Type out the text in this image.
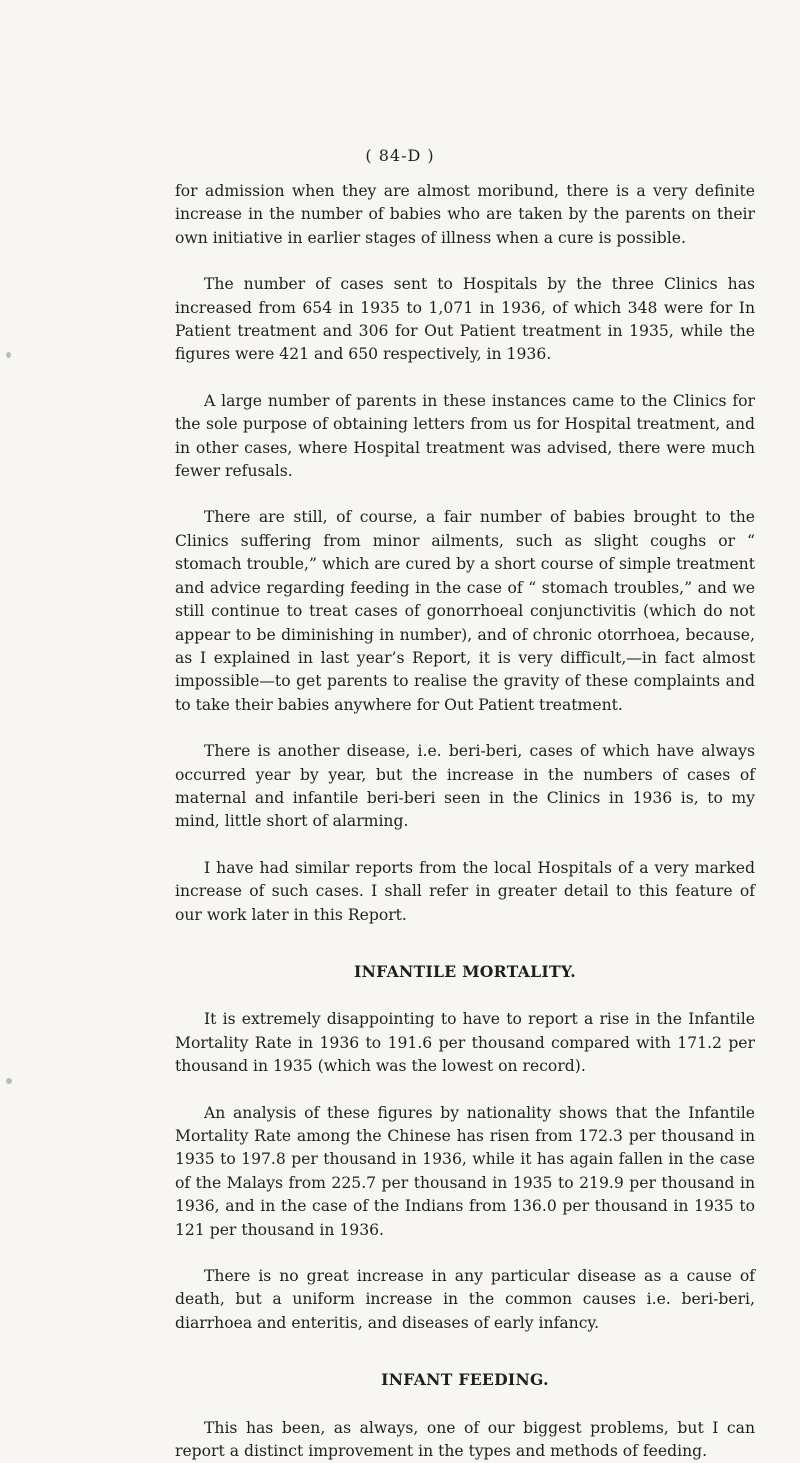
( 84-D )

for admission when they are almost moribund, there is a very definite increase in the number of babies who are taken by the parents on their own initiative in earlier stages of illness when a cure is possible.

The number of cases sent to Hospitals by the three Clinics has increased from 654 in 1935 to 1,071 in 1936, of which 348 were for In Patient treatment and 306 for Out Patient treatment in 1935, while the figures were 421 and 650 respectively, in 1936.

A large number of parents in these instances came to the Clinics for the sole purpose of obtaining letters from us for Hospital treatment, and in other cases, where Hospital treatment was advised, there were much fewer refusals.

There are still, of course, a fair number of babies brought to the Clinics suffering from minor ailments, such as slight coughs or “ stomach trouble,” which are cured by a short course of simple treatment and advice regarding feeding in the case of “ stomach troubles,” and we still continue to treat cases of gonorrhoeal conjunctivitis (which do not appear to be diminishing in number), and of chronic otorrhoea, because, as I explained in last year’s Report, it is very difficult,—in fact almost impossible—to get parents to realise the gravity of these complaints and to take their babies anywhere for Out Patient treatment.

There is another disease, i.e. beri-beri, cases of which have always occurred year by year, but the increase in the numbers of cases of maternal and infantile beri-beri seen in the Clinics in 1936 is, to my mind, little short of alarming.

I have had similar reports from the local Hospitals of a very marked increase of such cases. I shall refer in greater detail to this feature of our work later in this Report.

INFANTILE MORTALITY.

It is extremely disappointing to have to report a rise in the Infantile Mortality Rate in 1936 to 191.6 per thousand compared with 171.2 per thousand in 1935 (which was the lowest on record).

An analysis of these figures by nationality shows that the Infantile Mortality Rate among the Chinese has risen from 172.3 per thousand in 1935 to 197.8 per thousand in 1936, while it has again fallen in the case of the Malays from 225.7 per thousand in 1935 to 219.9 per thousand in 1936, and in the case of the Indians from 136.0 per thousand in 1935 to 121 per thousand in 1936.

There is no great increase in any particular disease as a cause of death, but a uniform increase in the common causes i.e. beri-beri, diarrhoea and enteritis, and diseases of early infancy.

INFANT FEEDING.

This has been, as always, one of our biggest problems, but I can report a distinct improvement in the types and methods of feeding.
